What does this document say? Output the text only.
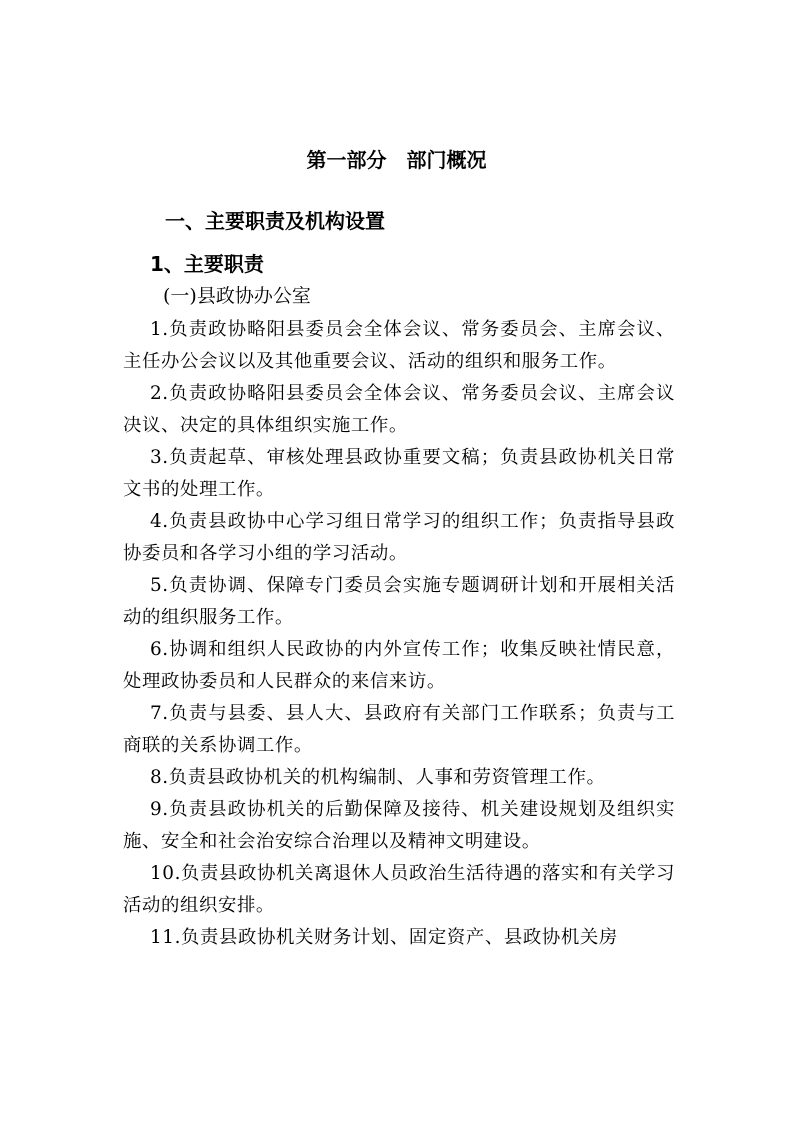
第一部分　部门概况
一、主要职责及机构设置
1、主要职责
(一)县政协办公室

1.负责政协略阳县委员会全体会议、常务委员会、主席会议、主任办公会议以及其他重要会议、活动的组织和服务工作。

2.负责政协略阳县委员会全体会议、常务委员会议、主席会议决议、决定的具体组织实施工作。

3.负责起草、审核处理县政协重要文稿；负责县政协机关日常文书的处理工作。

4.负责县政协中心学习组日常学习的组织工作；负责指导县政协委员和各学习小组的学习活动。

5.负责协调、保障专门委员会实施专题调研计划和开展相关活动的组织服务工作。

6.协调和组织人民政协的内外宣传工作；收集反映社情民意，处理政协委员和人民群众的来信来访。

7.负责与县委、县人大、县政府有关部门工作联系；负责与工商联的关系协调工作。

8.负责县政协机关的机构编制、人事和劳资管理工作。

9.负责县政协机关的后勤保障及接待、机关建设规划及组织实施、安全和社会治安综合治理以及精神文明建设。

10.负责县政协机关离退休人员政治生活待遇的落实和有关学习活动的组织安排。

11.负责县政协机关财务计划、固定资产、县政协机关房
